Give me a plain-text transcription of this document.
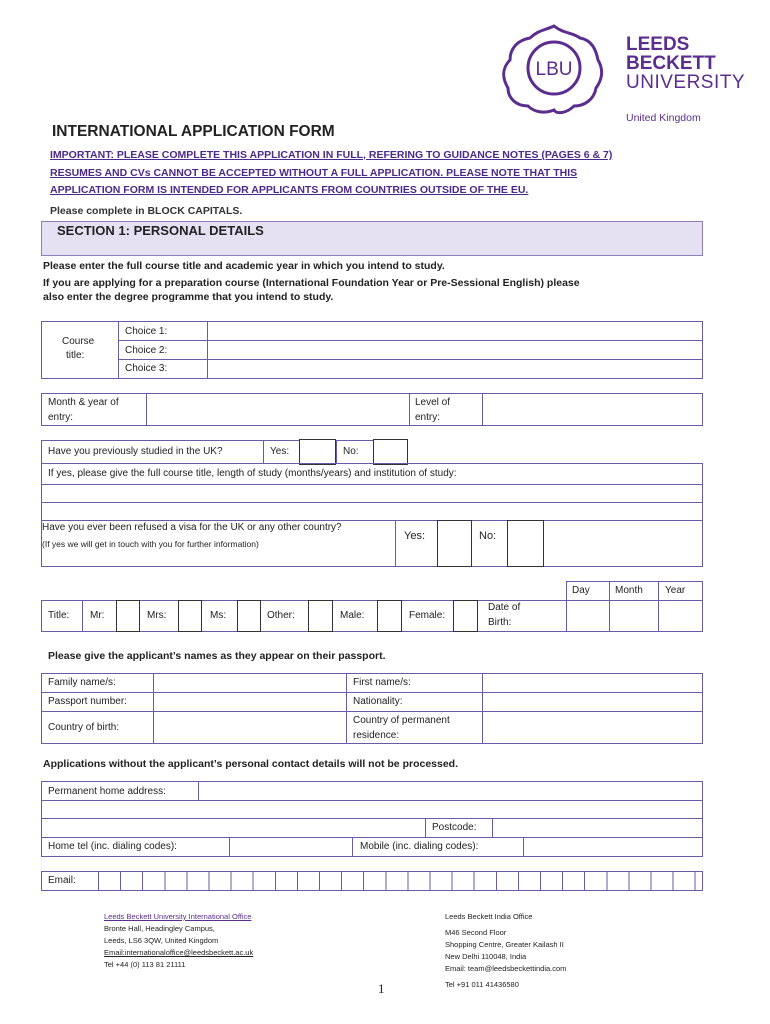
LBU
LEEDS
BECKETT
UNIVERSITY
United Kingdom
INTERNATIONAL APPLICATION FORM
IMPORTANT: PLEASE COMPLETE THIS APPLICATION IN FULL, REFERING TO GUIDANCE NOTES (PAGES 6 & 7)
RESUMES AND CVs CANNOT BE ACCEPTED WITHOUT A FULL APPLICATION. PLEASE NOTE THAT THIS
APPLICATION FORM IS INTENDED FOR APPLICANTS FROM COUNTRIES OUTSIDE OF THE EU.
Please complete in BLOCK CAPITALS.
SECTION 1: PERSONAL DETAILS
Please enter the full course title and academic year in which you intend to study.
If you are applying for a preparation course (International Foundation Year or Pre-Sessional English) please
also enter the degree programme that you intend to study.
Course
title:
Choice 1:
Choice 2:
Choice 3:
Month & year of
entry:
Level of
entry:
Have you previously studied in the UK?	Yes:	No:
If yes, please give the full course title, length of study (months/years) and institution of study:
Have you ever been refused a visa for the UK or any other country?
(If yes we will get in touch with you for further information)
Yes:	No:
Day	Month Year
Title: Mr:	Mrs:	Ms:	Other:	Male:	Female:
Date of
Birth:
Please give the applicant’s names as they appear on their passport.
Family name/s:	First name/s:
Passport number:	Nationality:
Country of birth:
Country of permanent
residence:
Applications without the applicant’s personal contact details will not be processed.
Permanent home address:
Postcode:
Home tel (inc. dialing codes):	Mobile (inc. dialing codes):
Email:
Leeds Beckett University International Office
Bronte Hall, Headingley Campus,
Leeds, LS6 3QW, United Kingdom
Email:internationaloffice@leedsbeckett.ac.uk
Tel +44 (0) 113 81 21111
Leeds Beckett India Office
M46 Second Floor
Shopping Centre, Greater Kailash II
New Delhi 110048, India
Email: team@leedsbeckettindia.com
Tel +91 011 41436580
1
